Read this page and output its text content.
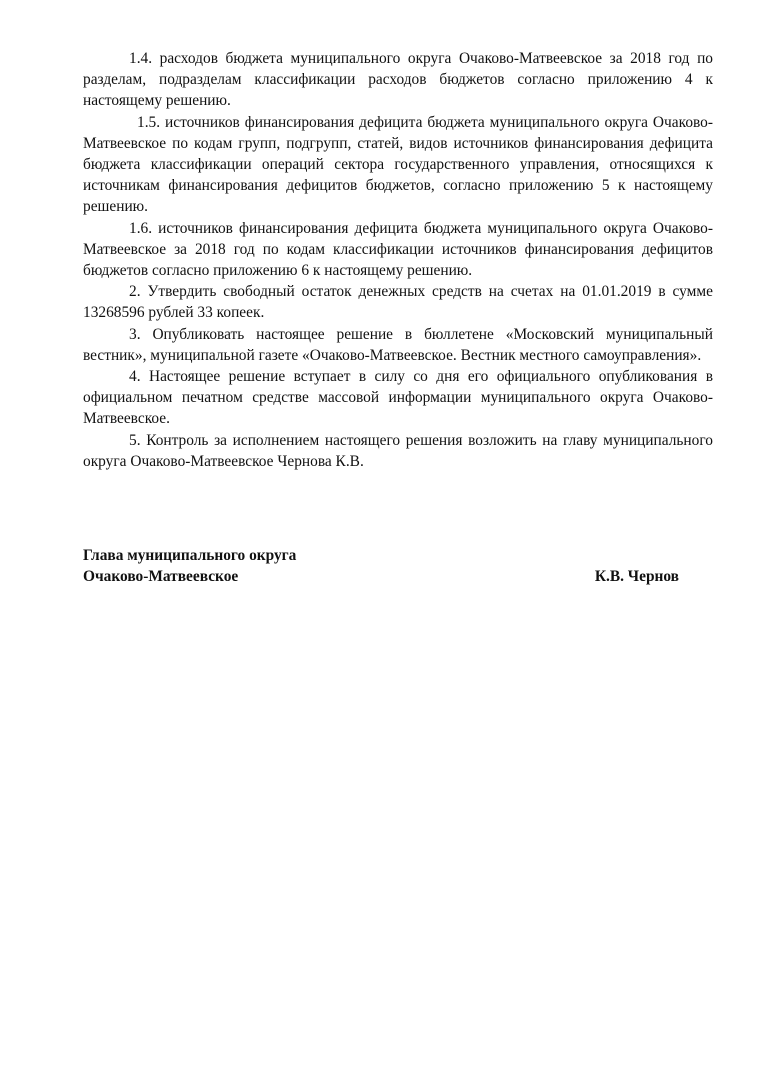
1.4. расходов бюджета муниципального округа Очаково-Матвеевское за 2018 год по разделам, подразделам классификации расходов бюджетов согласно приложению 4 к настоящему решению.

1.5. источников финансирования дефицита бюджета муниципального округа Очаково-Матвеевское по кодам групп, подгрупп, статей, видов источников финансирования дефицита бюджета классификации операций сектора государственного управления, относящихся к источникам финансирования дефицитов бюджетов, согласно приложению 5 к настоящему решению.

1.6. источников финансирования дефицита бюджета муниципального округа Очаково-Матвеевское за 2018 год по кодам классификации источников финансирования дефицитов бюджетов согласно приложению 6 к настоящему решению.

2. Утвердить свободный остаток денежных средств на счетах на 01.01.2019 в сумме 13268596 рублей 33 копеек.

3. Опубликовать настоящее решение в бюллетене «Московский муниципальный вестник», муниципальной газете «Очаково-Матвеевское. Вестник местного самоуправления».

4. Настоящее решение вступает в силу со дня его официального опубликования в официальном печатном средстве массовой информации муниципального округа Очаково-Матвеевское.

5. Контроль за исполнением настоящего решения возложить на главу муниципального округа Очаково-Матвеевское Чернова К.В.

Глава муниципального округа
Очаково-Матвеевское	К.В. Чернов
